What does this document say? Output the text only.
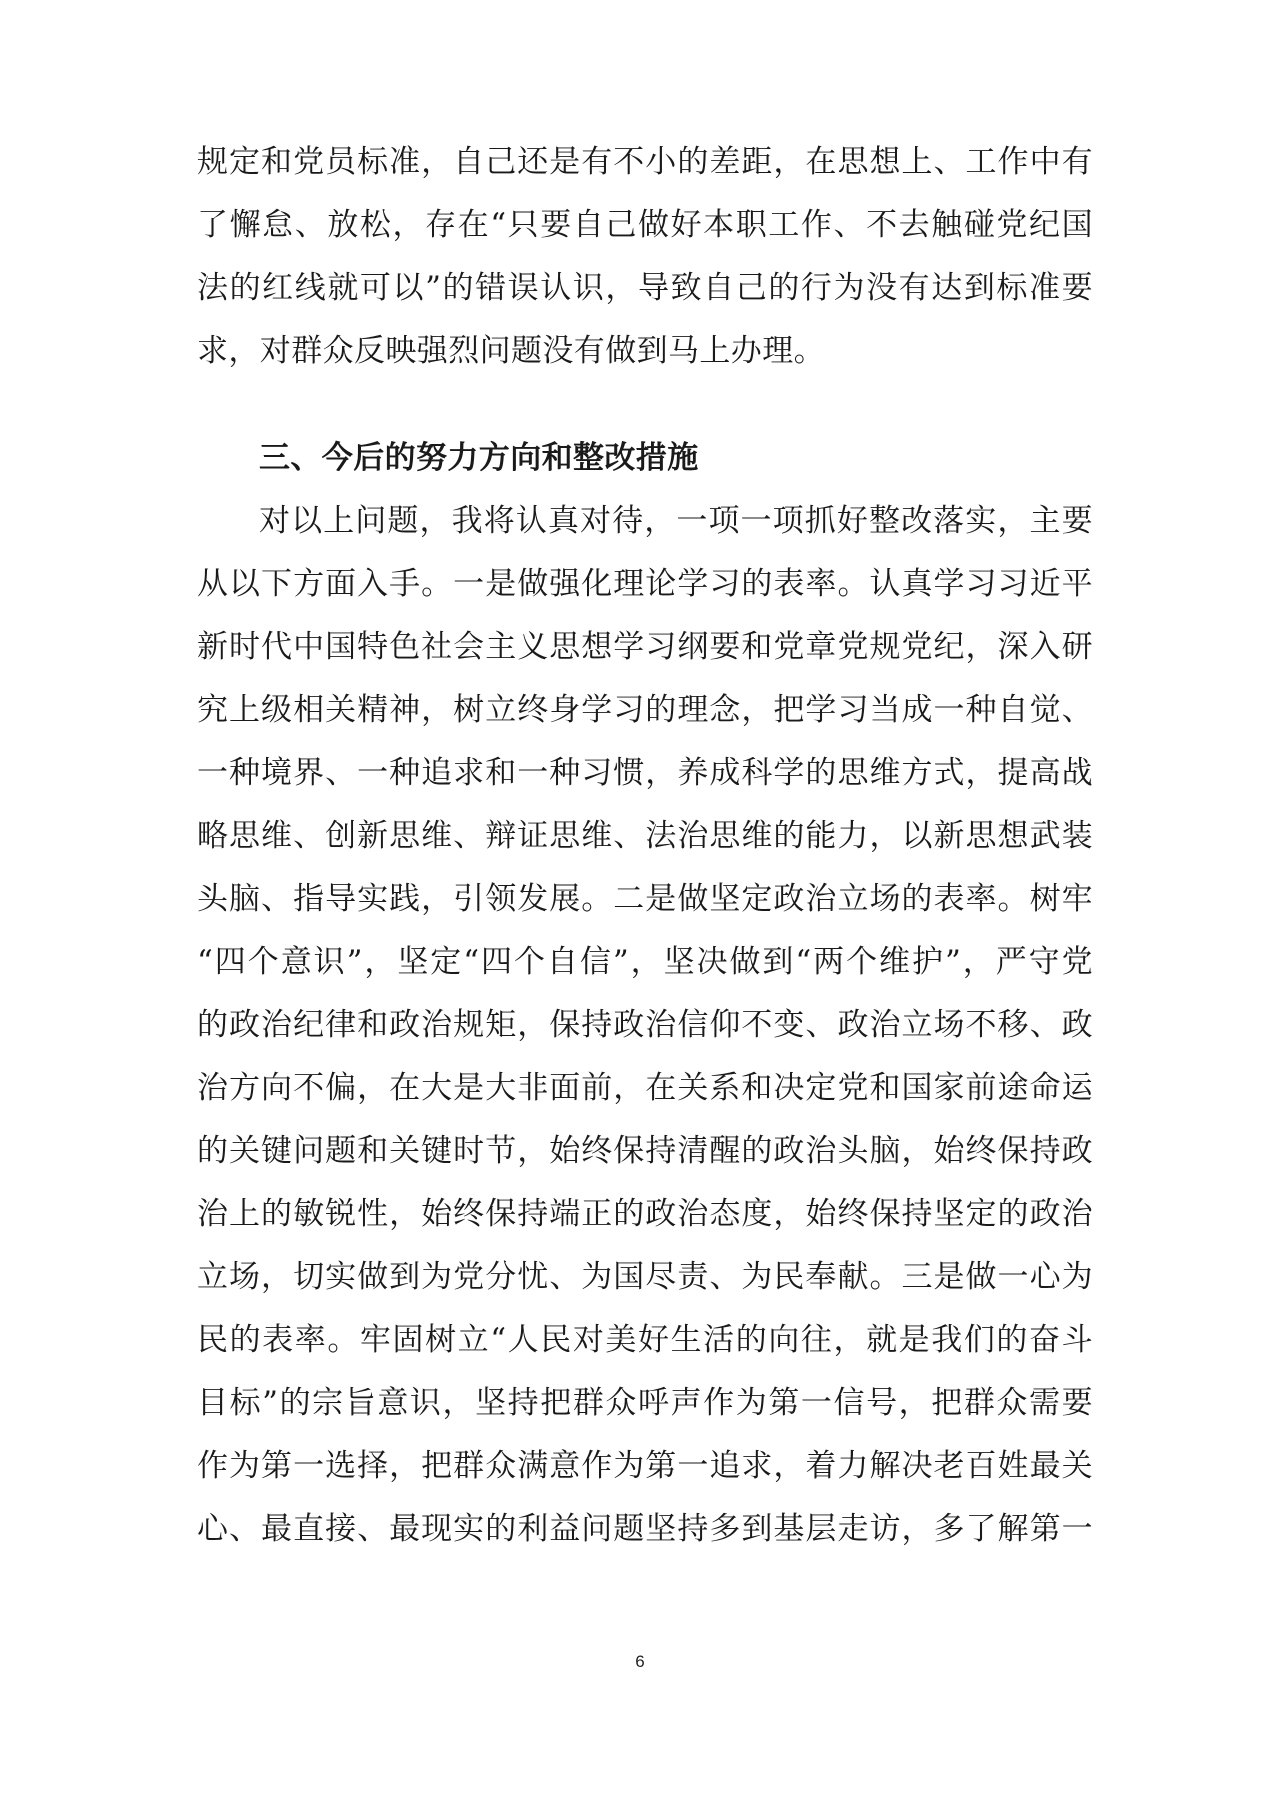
规定和党员标准，自己还是有不小的差距，在思想上、工作中有
了懈怠、放松，存在“只要自己做好本职工作、不去触碰党纪国
法的红线就可以”的错误认识，导致自己的行为没有达到标准要
求，对群众反映强烈问题没有做到马上办理。
三、今后的努力方向和整改措施
对以上问题，我将认真对待，一项一项抓好整改落实，主要
从以下方面入手。一是做强化理论学习的表率。认真学习习近平
新时代中国特色社会主义思想学习纲要和党章党规党纪，深入研
究上级相关精神，树立终身学习的理念，把学习当成一种自觉、
一种境界、一种追求和一种习惯，养成科学的思维方式，提高战
略思维、创新思维、辩证思维、法治思维的能力，以新思想武装
头脑、指导实践，引领发展。二是做坚定政治立场的表率。树牢
“四个意识”，坚定“四个自信”，坚决做到“两个维护”，严守党
的政治纪律和政治规矩，保持政治信仰不变、政治立场不移、政
治方向不偏，在大是大非面前，在关系和决定党和国家前途命运
的关键问题和关键时节，始终保持清醒的政治头脑，始终保持政
治上的敏锐性，始终保持端正的政治态度，始终保持坚定的政治
立场，切实做到为党分忧、为国尽责、为民奉献。三是做一心为
民的表率。牢固树立“人民对美好生活的向往，就是我们的奋斗
目标”的宗旨意识，坚持把群众呼声作为第一信号，把群众需要
作为第一选择，把群众满意作为第一追求，着力解决老百姓最关
心、最直接、最现实的利益问题坚持多到基层走访，多了解第一
6
